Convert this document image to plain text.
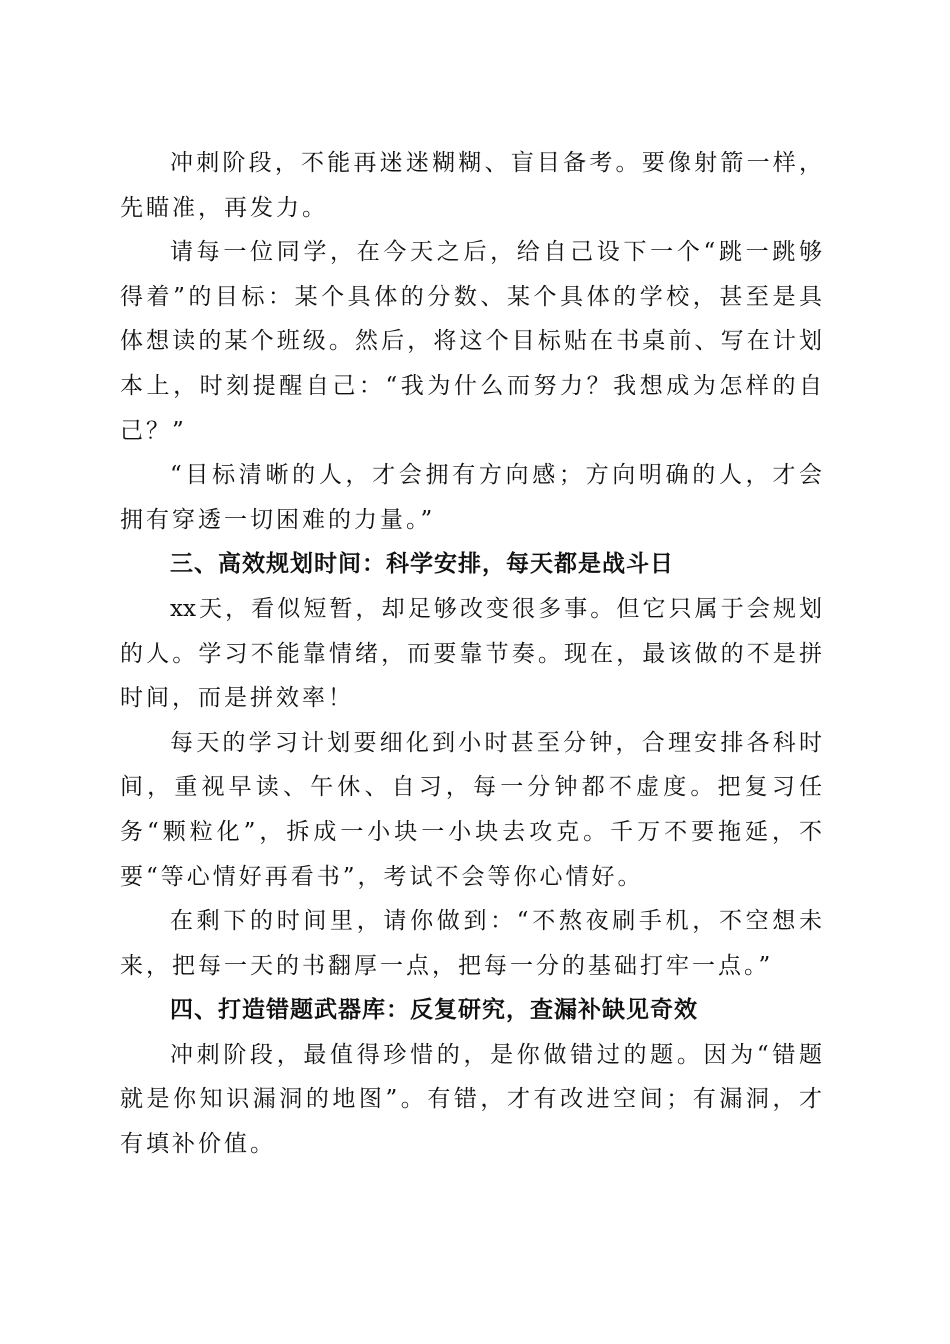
冲刺阶段，不能再迷迷糊糊、盲目备考。要像射箭一样，
先瞄准，再发力。
请每一位同学，在今天之后，给自己设下一个“跳一跳够
得着”的目标：某个具体的分数、某个具体的学校，甚至是具
体想读的某个班级。然后，将这个目标贴在书桌前、写在计划
本上，时刻提醒自己：“我为什么而努力？我想成为怎样的自
己？”
“目标清晰的人，才会拥有方向感；方向明确的人，才会
拥有穿透一切困难的力量。”
三、高效规划时间：科学安排，每天都是战斗日
xx天，看似短暂，却足够改变很多事。但它只属于会规划
的人。学习不能靠情绪，而要靠节奏。现在，最该做的不是拼
时间，而是拼效率！
每天的学习计划要细化到小时甚至分钟，合理安排各科时
间，重视早读、午休、自习，每一分钟都不虚度。把复习任
务“颗粒化”，拆成一小块一小块去攻克。千万不要拖延，不
要“等心情好再看书”，考试不会等你心情好。
在剩下的时间里，请你做到：“不熬夜刷手机，不空想未
来，把每一天的书翻厚一点，把每一分的基础打牢一点。”
四、打造错题武器库：反复研究，查漏补缺见奇效
冲刺阶段，最值得珍惜的，是你做错过的题。因为“错题
就是你知识漏洞的地图”。有错，才有改进空间；有漏洞，才
有填补价值。
